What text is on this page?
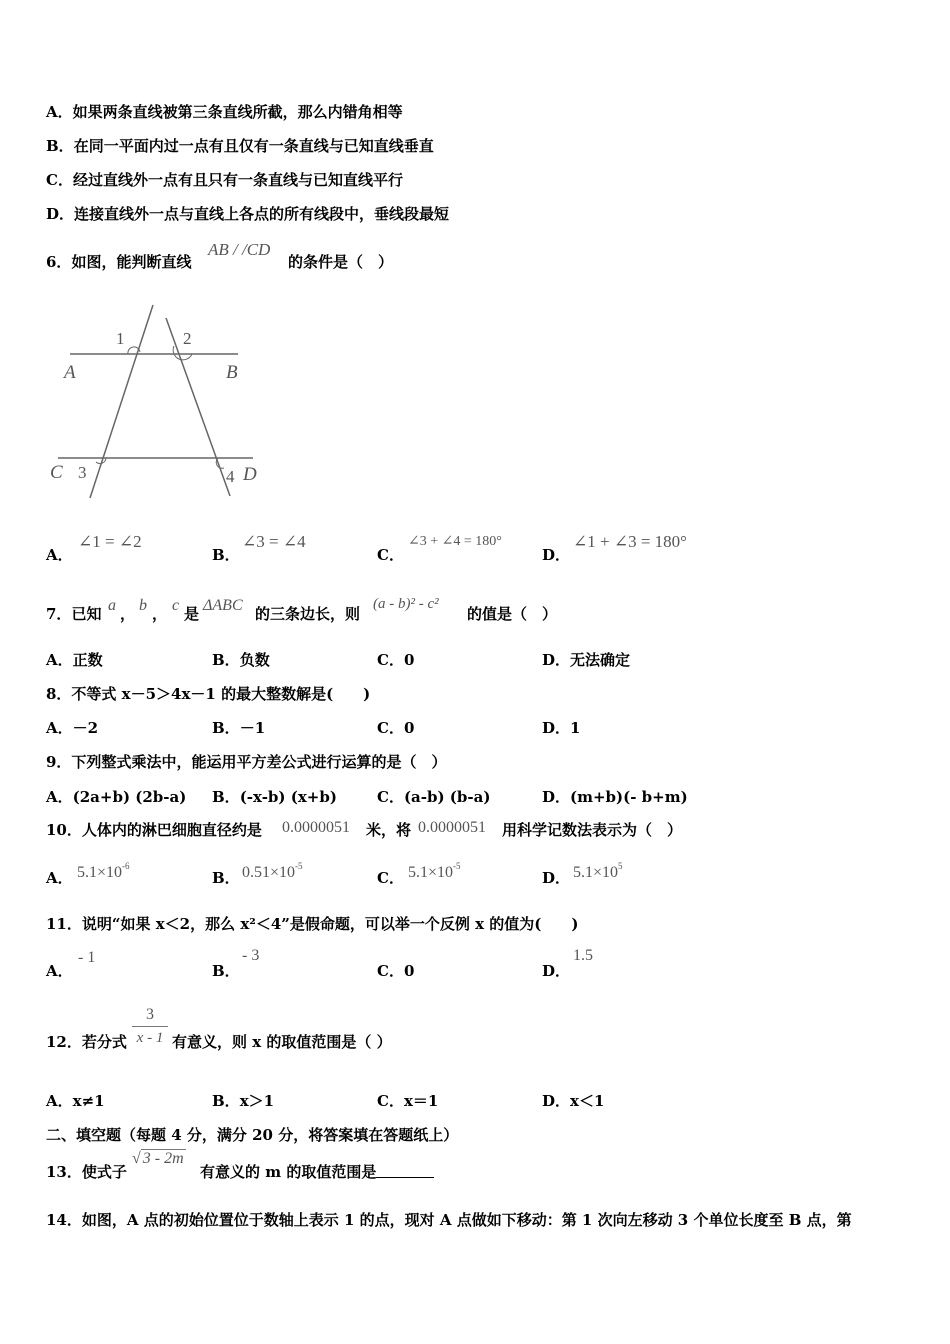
A．如果两条直线被第三条直线所截，那么内错角相等
B．在同一平面内过一点有且仅有一条直线与已知直线垂直
C．经过直线外一点有且只有一条直线与已知直线平行
D．连接直线外一点与直线上各点的所有线段中，垂线段最短
6．如图，能判断直线
AB / /CD
的条件是（　）
A	B
C	D
1	2
3	4
A．
∠1 = ∠2
B．
∠3 = ∠4
C．
∠3 + ∠4 = 180°
D．
∠1 + ∠3 = 180°
7．已知 a ， b ， c 是 ΔABC 的三条边长，则
(a - b)² - c²
的值是（　）
A．正数	B．负数	C．0	D．无法确定
8．不等式 x－5＞4x－1 的最大整数解是(　　)
A．－2	B．－1	C．0	D．1
9．下列整式乘法中，能运用平方差公式进行运算的是（　）
A．(2a+b) (2b-a) B．(-x-b) (x+b)	C．(a-b) (b-a)	D．(m+b)(- b+m)
10．人体内的淋巴细胞直径约是 0.0000051 米，将 0.0000051 用科学记数法表示为（　）
A． $5.1\times 10^{-6}$
B． $0.51\times 10^{-5}$
C． $5.1\times 10^{-5}$
D． $5.1\times 10^5$
11．说明“如果 x＜2，那么 x²＜4”是假命题，可以举一个反例 x 的值为(　　)
A．
- 1
B．
- 3
C．0	D．
1.5
12．若分式
3
x - 1 有意义，则 x 的取值范围是（ ）
A．x≠1	B．x＞1	C．x＝1	D．x＜1
二、填空题（每题 4 分，满分 20 分，将答案填在答题纸上）
13．使式子
√ 3 - 2m
有意义的 m 的取值范围是
14．如图，A 点的初始位置位于数轴上表示 1 的点，现对 A 点做如下移动：第 1 次向左移动 3 个单位长度至 B 点，第
